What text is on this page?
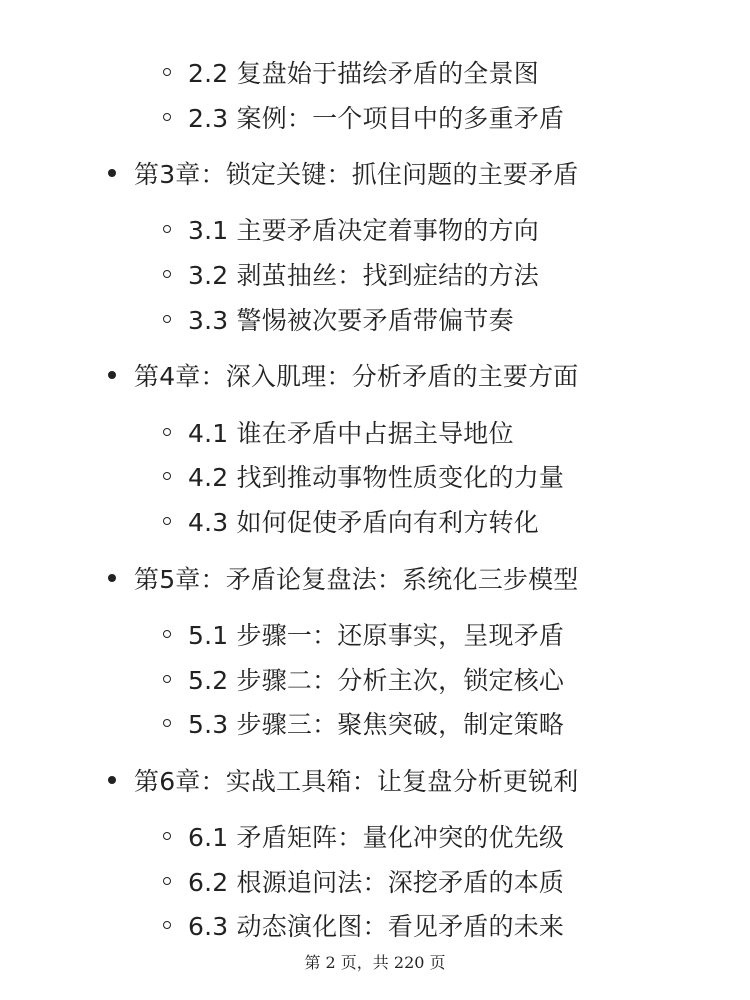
2.2 复盘始于描绘矛盾的全景图
2.3 案例：一个项目中的多重矛盾
第3章：锁定关键：抓住问题的主要矛盾
3.1 主要矛盾决定着事物的方向
3.2 剥茧抽丝：找到症结的方法
3.3 警惕被次要矛盾带偏节奏
第4章：深入肌理：分析矛盾的主要方面
4.1 谁在矛盾中占据主导地位
4.2 找到推动事物性质变化的力量
4.3 如何促使矛盾向有利方转化
第5章：矛盾论复盘法：系统化三步模型
5.1 步骤一：还原事实，呈现矛盾
5.2 步骤二：分析主次，锁定核心
5.3 步骤三：聚焦突破，制定策略
第6章：实战工具箱：让复盘分析更锐利
6.1 矛盾矩阵：量化冲突的优先级
6.2 根源追问法：深挖矛盾的本质
6.3 动态演化图：看见矛盾的未来
第 2 页，共 220 页
